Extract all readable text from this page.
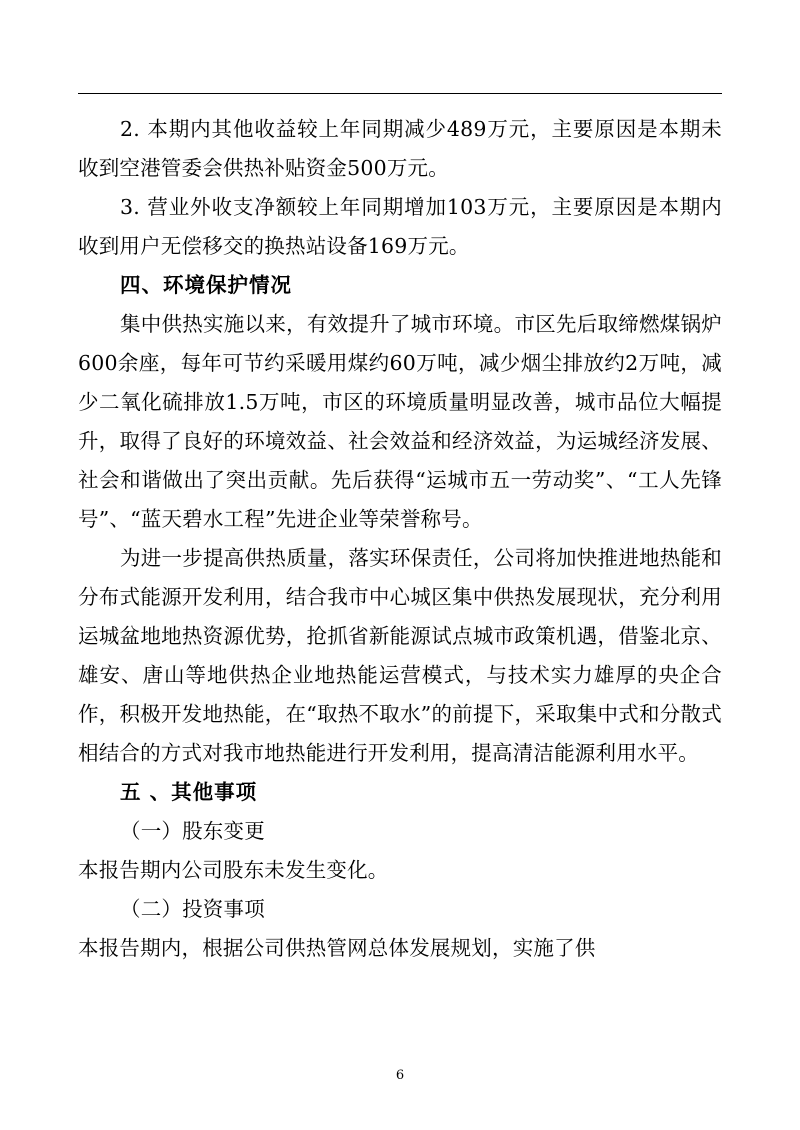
2. 本期内其他收益较上年同期减少489万元，主要原因是本期未收到空港管委会供热补贴资金500万元。

3. 营业外收支净额较上年同期增加103万元，主要原因是本期内收到用户无偿移交的换热站设备169万元。

四、环境保护情况

集中供热实施以来，有效提升了城市环境。市区先后取缔燃煤锅炉600余座，每年可节约采暖用煤约60万吨，减少烟尘排放约2万吨，减少二氧化硫排放1.5万吨，市区的环境质量明显改善，城市品位大幅提升，取得了良好的环境效益、社会效益和经济效益，为运城经济发展、社会和谐做出了突出贡献。先后获得“运城市五一劳动奖”、“工人先锋号”、“蓝天碧水工程”先进企业等荣誉称号。

为进一步提高供热质量，落实环保责任，公司将加快推进地热能和分布式能源开发利用，结合我市中心城区集中供热发展现状，充分利用运城盆地地热资源优势，抢抓省新能源试点城市政策机遇，借鉴北京、雄安、唐山等地供热企业地热能运营模式，与技术实力雄厚的央企合作，积极开发地热能，在“取热不取水”的前提下，采取集中式和分散式相结合的方式对我市地热能进行开发利用，提高清洁能源利用水平。

五 、其他事项

（一）股东变更

本报告期内公司股东未发生变化。

（二）投资事项

本报告期内，根据公司供热管网总体发展规划，实施了供

6
